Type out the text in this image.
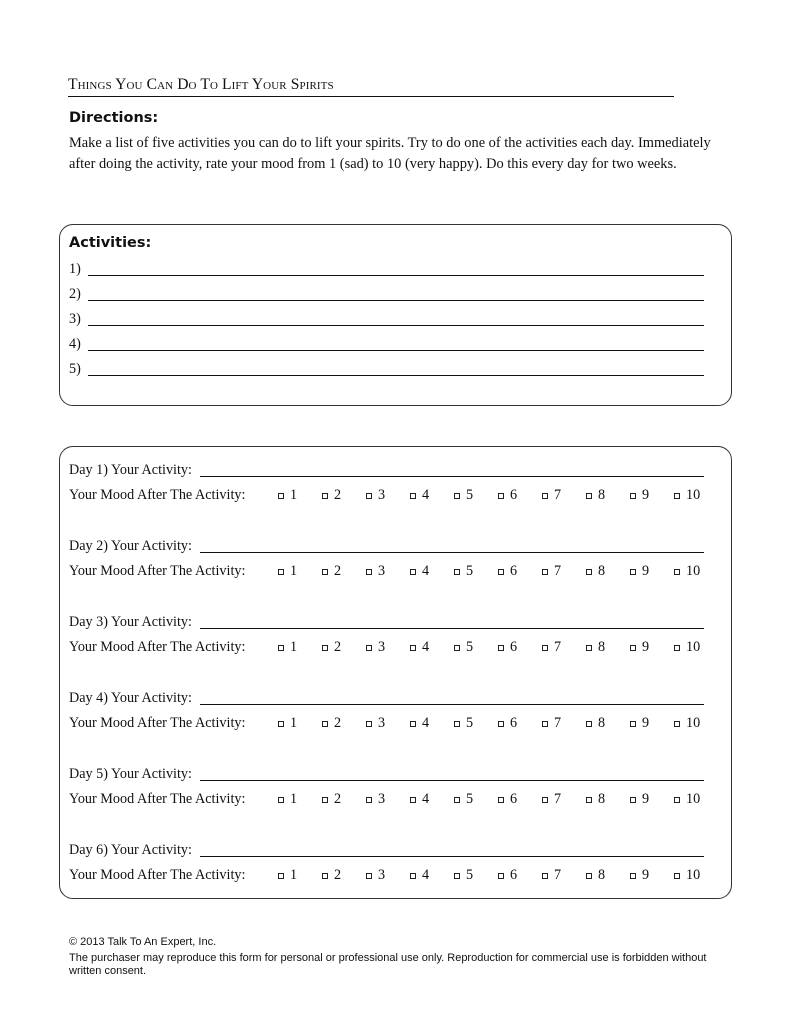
Things You Can Do To Lift Your Spirits
Directions:
Make a list of five activities you can do to lift your spirits. Try to do one of the activities each day. Immediately after doing the activity, rate your mood from 1 (sad) to 10 (very happy). Do this every day for two weeks.
Activities:
1)
2)
3)
4)
5)
Day 1) Your Activity:
Your Mood After The Activity:	1	2	3	4	5	6	7	8	9	10
Day 2) Your Activity:
Your Mood After The Activity:	1	2	3	4	5	6	7	8	9	10
Day 3) Your Activity:
Your Mood After The Activity:	1	2	3	4	5	6	7	8	9	10
Day 4) Your Activity:
Your Mood After The Activity:	1	2	3	4	5	6	7	8	9	10
Day 5) Your Activity:
Your Mood After The Activity:	1	2	3	4	5	6	7	8	9	10
Day 6) Your Activity:
Your Mood After The Activity:	1	2	3	4	5	6	7	8	9	10
© 2013 Talk To An Expert, Inc.
The purchaser may reproduce this form for personal or professional use only. Reproduction for commercial use is forbidden without written consent.
